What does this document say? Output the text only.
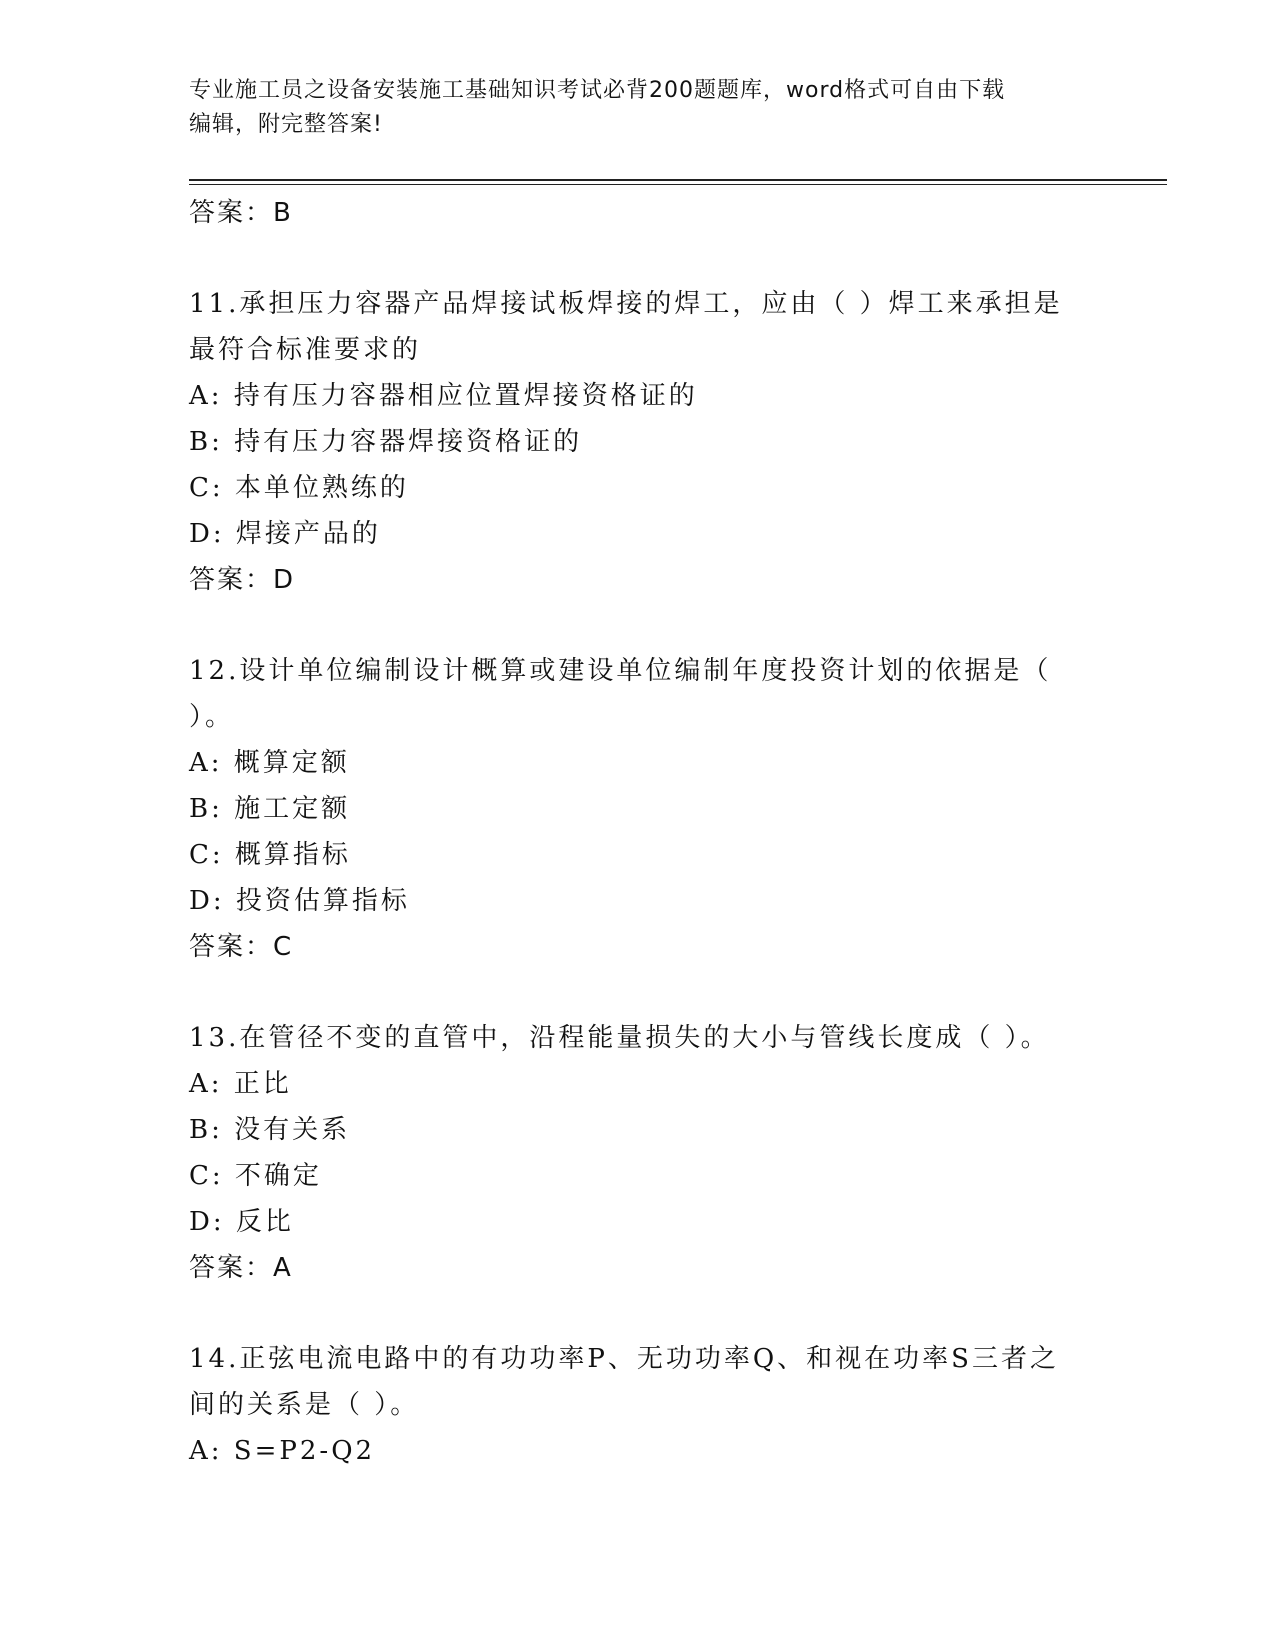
专业施工员之设备安装施工基础知识考试必背200题题库，word格式可自由下载
编辑，附完整答案!
答案：B
11.承担压力容器产品焊接试板焊接的焊工，应由（ ）焊工来承担是
最符合标准要求的
A: 持有压力容器相应位置焊接资格证的
B: 持有压力容器焊接资格证的
C: 本单位熟练的
D: 焊接产品的
答案：D
12.设计单位编制设计概算或建设单位编制年度投资计划的依据是（
）。
A: 概算定额
B: 施工定额
C: 概算指标
D: 投资估算指标
答案：C
13.在管径不变的直管中，沿程能量损失的大小与管线长度成（ ）。
A: 正比
B: 没有关系
C: 不确定
D: 反比
答案：A
14.正弦电流电路中的有功功率P、无功功率Q、和视在功率S三者之
间的关系是（ ）。
A: S=P2-Q2
